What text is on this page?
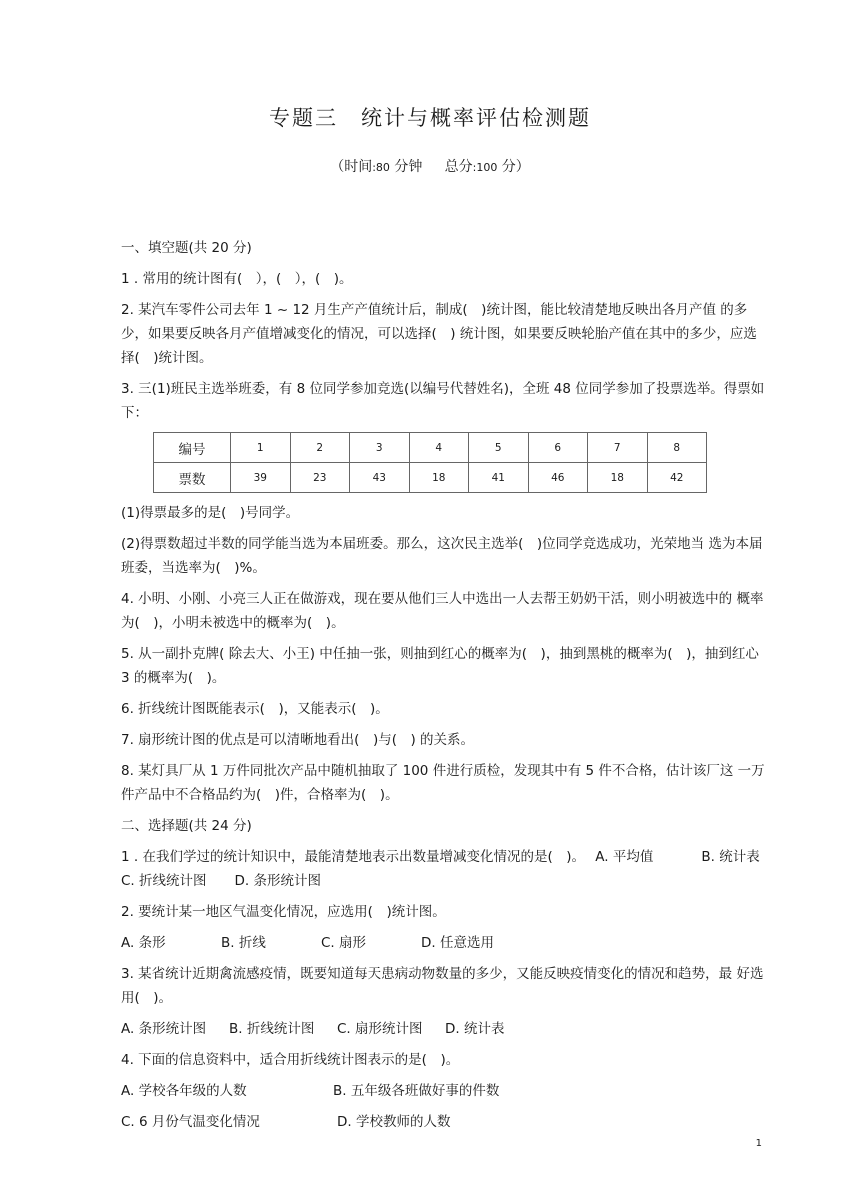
专题三　统计与概率评估检测题
（时间:80 分钟 总分:100 分）

一、填空题(共 20 分)

1 . 常用的统计图有(　），(　），(　)。

2. 某汽车零件公司去年 1 ~ 12 月生产产值统计后，制成(　)统计图，能比较清楚地反映出各月产值 的多少，如果要反映各月产值增减变化的情况，可以选择(　) 统计图，如果要反映轮胎产值在其中的多少，应选择(　)统计图。

3. 三(1)班民主选举班委，有 8 位同学参加竞选(以编号代替姓名)，全班 48 位同学参加了投票选举。得票如下：

编号	1	2	3	4	5	6	7	8
票数	39	23	43	18	41	46	18	42

(1)得票最多的是(　)号同学。

(2)得票数超过半数的同学能当选为本届班委。那么，这次民主选举(　)位同学竞选成功，光荣地当 选为本届班委，当选率为(　)%。

4. 小明、小刚、小亮三人正在做游戏，现在要从他们三人中选出一人去帮王奶奶干活，则小明被选中的 概率为(　)，小明未被选中的概率为(　)。

5. 从一副扑克牌( 除去大、小王) 中任抽一张，则抽到红心的概率为(　)，抽到黑桃的概率为(　)，抽到红心 3 的概率为(　)。

6. 折线统计图既能表示(　)，又能表示(　)。

7. 扇形统计图的优点是可以清晰地看出(　)与(　) 的关系。

8. 某灯具厂从 1 万件同批次产品中随机抽取了 100 件进行质检，发现其中有 5 件不合格，估计该厂这 一万件产品中不合格品约为(　)件，合格率为(　)。

二、选择题(共 24 分)

1 . 在我们学过的统计知识中，最能清楚地表示出数量增减变化情况的是(　)。 A. 平均值	B. 统计表
C. 折线统计图 D. 条形统计图

2. 要统计某一地区气温变化情况，应选用(　)统计图。

A. 条形	B. 折线	C. 扇形	D. 任意选用

3. 某省统计近期禽流感疫情，既要知道每天患病动物数量的多少，又能反映疫情变化的情况和趋势，最 好选用(　)。

A. 条形统计图	B. 折线统计图	C. 扇形统计图	D. 统计表

4. 下面的信息资料中，适合用折线统计图表示的是(　)。

A. 学校各年级的人数	B. 五年级各班做好事的件数

C. 6 月份气温变化情况	D. 学校教师的人数

1
